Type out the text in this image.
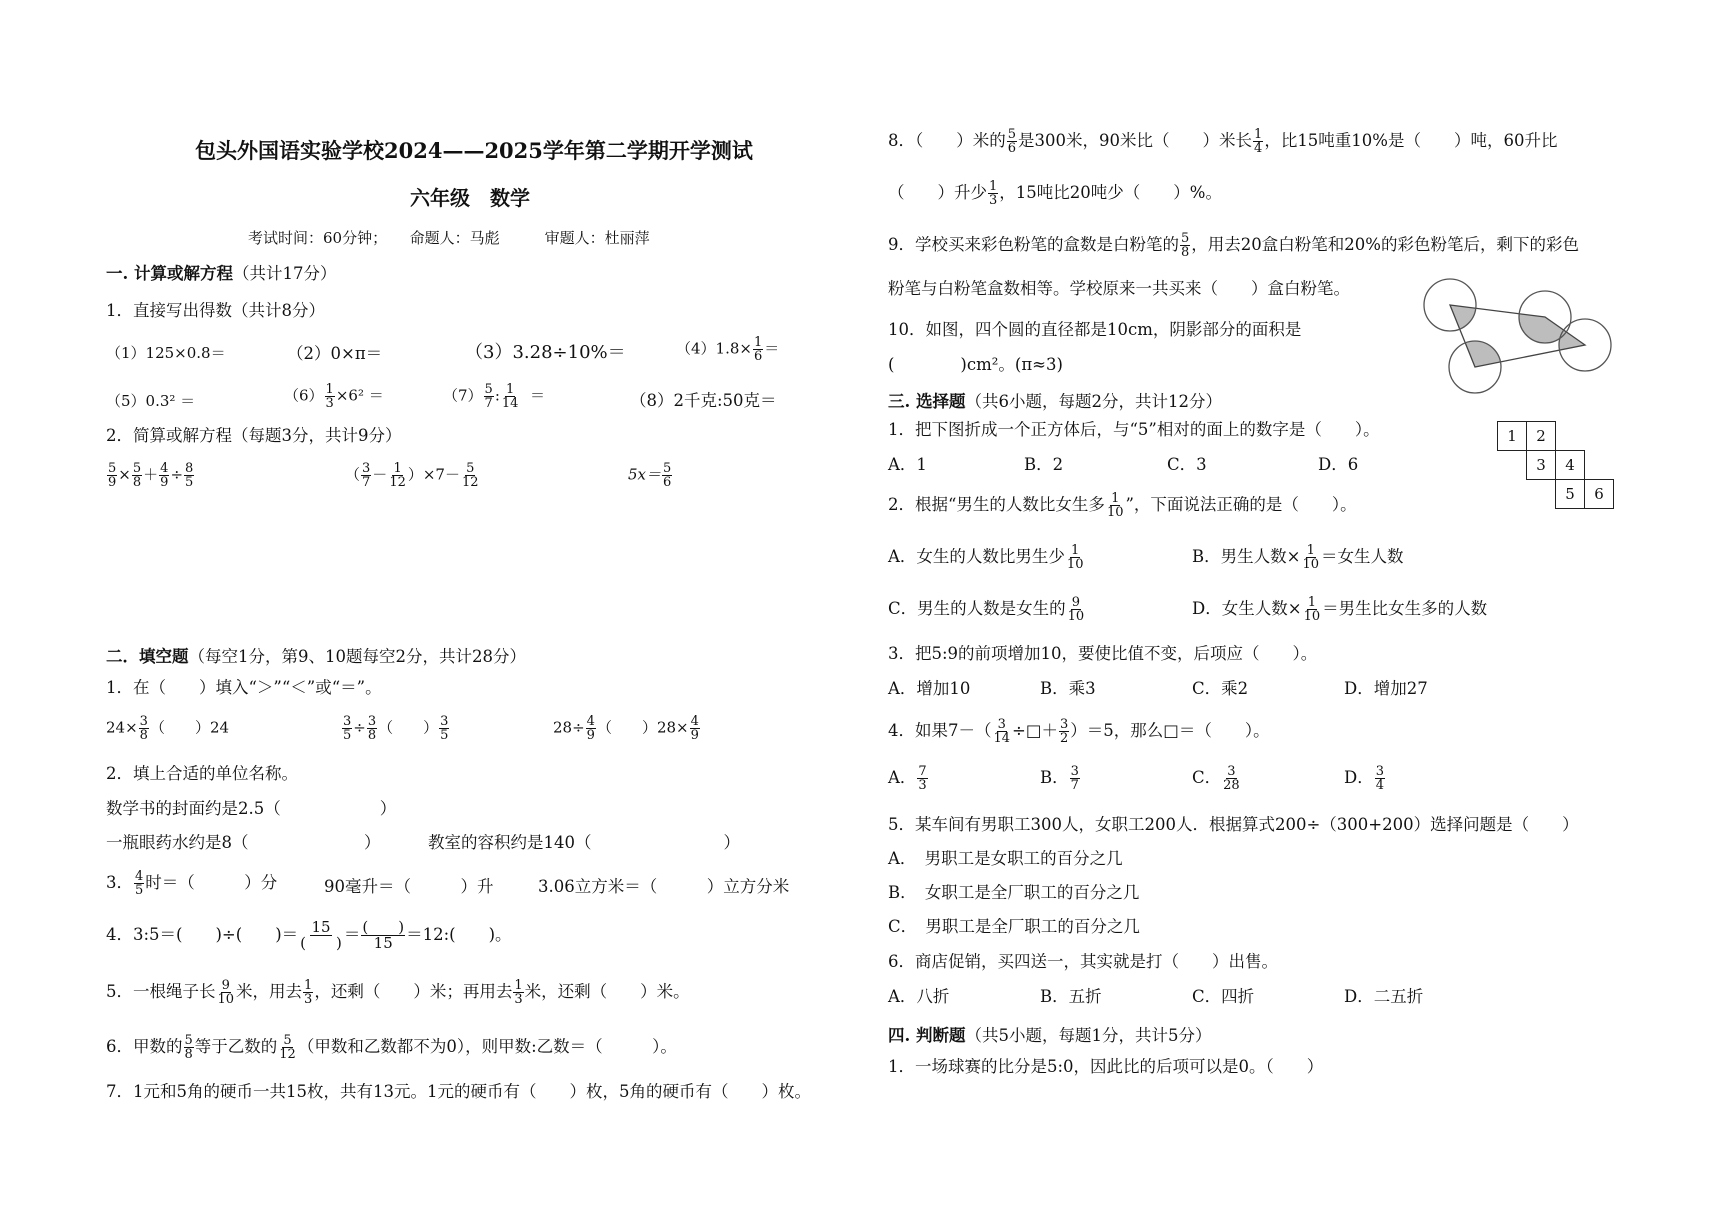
包头外国语实验学校2024——2025学年第二学期开学测试
六年级　数学
考试时间：60分钟；　　命题人：马彪　　　审题人：杜丽萍
一. 计算或解方程（共计17分）
1．直接写出得数（共计8分）
（1）125×0.8＝	（2）0×π＝	（3）3.28÷10%＝	$(4)1.8\times \frac{1}{6}$ ＝
（5）0.3² ＝	$(6) \frac{1}{3} \times 6^2$ ＝	$(7) \frac{5}{7}$ : $\frac{1}{14}$ ＝	（8）2千克:50克＝
2．简算或解方程（每题3分，共计9分）
$\frac{5}{9} \times \frac{5}{8} + \frac{4}{9} \div \frac{8}{5}$	（ $\frac{3}{7} - \frac{1}{12} )\times 7- \frac{5}{12}$	$5x= \frac{5}{6}$
二．填空题（每空1分，第9、10题每空2分，共计28分）
1．在（　　）填入“＞”“＜”或“＝”。
$24\times \frac{3}{8}$ （　　）24	$\frac{3}{5} \div \frac{3}{8}$ （　　） $\frac{3}{5}$	$28\div \frac{4}{9}$ （　　）$28\times \frac{4}{9}$
2．填上合适的单位名称。
数学书的封面约是2.5（　　　　　　）
一瓶眼药水约是8（　　　　　　　）	教室的容积约是140（　　　　　　　　）
3． $\frac{4}{5}$ 时＝（　　　）分	90毫升＝（　　　）升	3.06立方米＝（　　　）立方分米
4．3:5＝(　　)÷(　　)＝ 15
(　　) ＝ (　　)
15 ＝12:(　　)。
5．一根绳子长 $\frac{9}{10}$ 米，用去 $\frac{1}{3}$ ，还剩（　　）米；再用去 $\frac{1}{3}$ 米，还剩（　　）米。
6．甲数的 $\frac{5}{8}$ 等于乙数的 $\frac{5}{12}$ （甲数和乙数都不为0），则甲数:乙数＝（　　　）。
7．1元和5角的硬币一共15枚，共有13元。1元的硬币有（　　）枚，5角的硬币有（　　）枚。
8．（　　）米的 $\frac{5}{6}$ 是300米，90米比（　　）米长 $\frac{1}{4}$ ，比15吨重10%是（　　）吨，60升比
（　　）升少 $\frac{1}{3}$ ，15吨比20吨少（　　）%。
9．学校买来彩色粉笔的盒数是白粉笔的 $\frac{5}{8}$ ，用去20盒白粉笔和20%的彩色粉笔后，剩下的彩色
粉笔与白粉笔盒数相等。学校原来一共买来（　　）盒白粉笔。
10．如图，四个圆的直径都是10cm，阴影部分的面积是
(　　　　)cm²。(π≈3)
三. 选择题（共6小题，每题2分，共计12分）
1．把下图折成一个正方体后，与“5”相对的面上的数字是（　　）。
A．1	B．2	C．3	D．6
1	2		
	3	4	
		5	6
2．根据“男生的人数比女生多 $\frac{1}{10}$ ”，下面说法正确的是（　　）。
A．女生的人数比男生少 $\frac{1}{10}$	B．男生人数× $\frac{1}{10}$ ＝女生人数
C．男生的人数是女生的 $\frac{9}{10}$	D．女生人数× $\frac{1}{10}$ ＝男生比女生多的人数
3．把5:9的前项增加10，要使比值不变，后项应（　　）。
A．增加10	B．乘3	C．乘2	D．增加27
4．如果$7-( \frac{3}{14}$ ÷□＋ $\frac{3}{2} )=5$，那么□＝（　　）。
A． $\frac{7}{3}$	B． $\frac{3}{7}$	C． $\frac{3}{28}$	D． $\frac{3}{4}$
5．某车间有男职工300人，女职工200人．根据算式200÷（300+200）选择问题是（　　）
A．　男职工是女职工的百分之几
B．　女职工是全厂职工的百分之几
C．　男职工是全厂职工的百分之几
6．商店促销，买四送一，其实就是打（　　）出售。
A．八折	B．五折	C．四折	D．二五折
四. 判断题（共5小题，每题1分，共计5分）
1．一场球赛的比分是5:0，因此比的后项可以是0。（　　）
